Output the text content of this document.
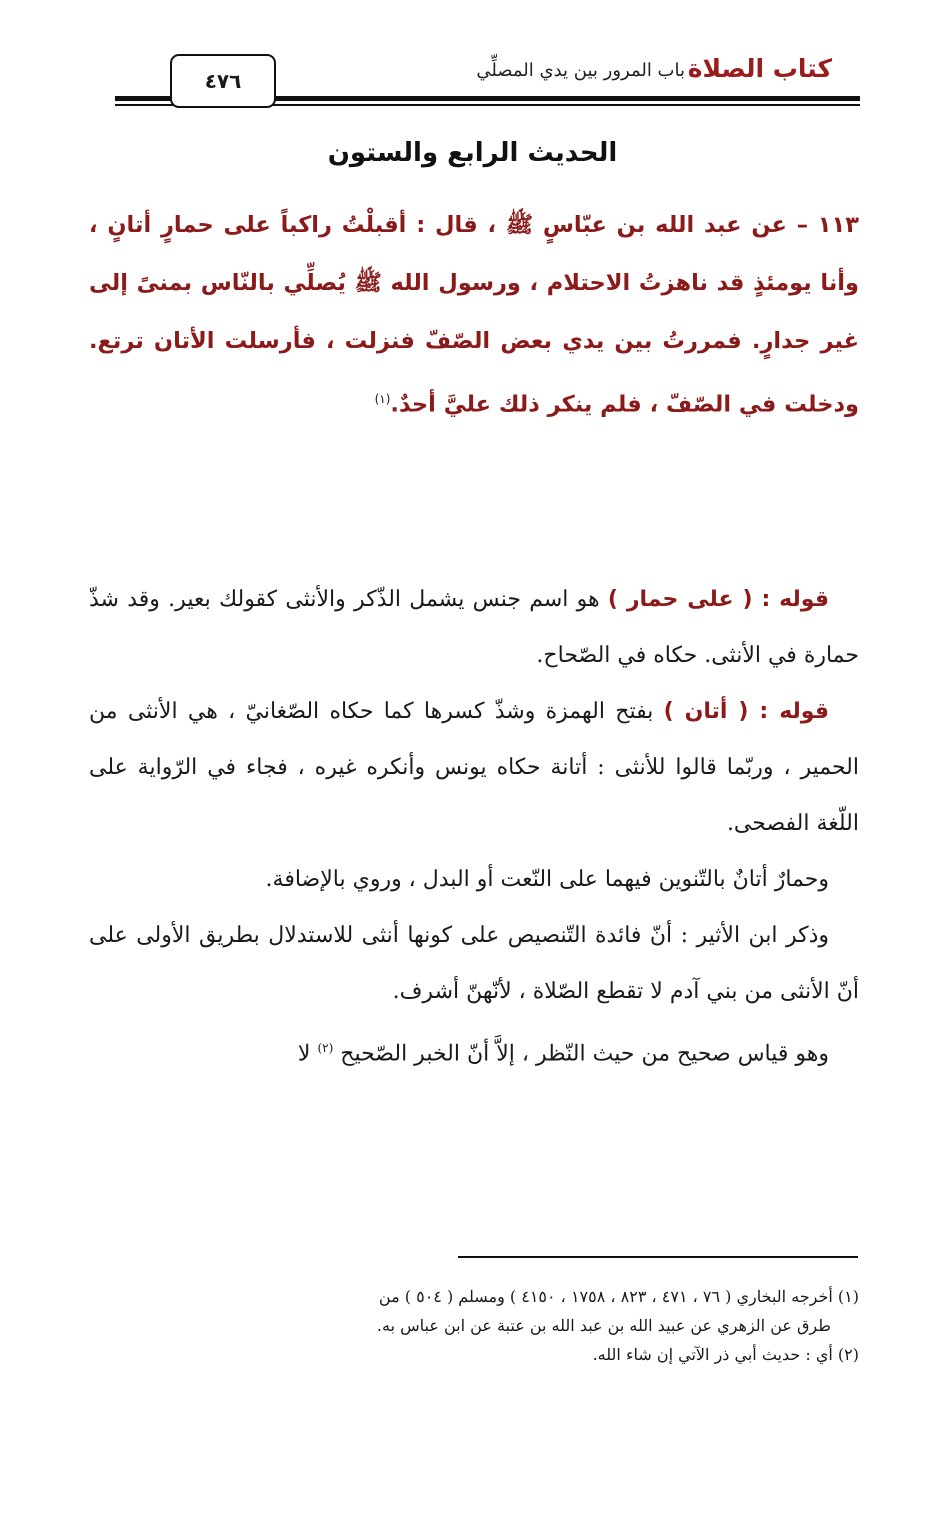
كتاب الصلاة
باب المرور بين يدي المصلِّي
٤٧٦
الحديث الرابع والستون
١١٣ – عن عبد الله بن عبّاسٍ ﷺ ، قال : أقبلْتُ راكباً على حمارٍ أتانٍ ، وأنا يومئذٍ قد ناهزتُ الاحتلام ، ورسول الله ﷺ يُصلِّي بالنّاس بمنىً إلى غير جدارٍ. فمررتُ بين يدي بعض الصّفّ فنزلت ، فأرسلت الأتان ترتع. ودخلت في الصّفّ ، فلم ينكر ذلك عليَّ أحدٌ.$^{(١)}$

قوله : ( على حمار ) هو اسم جنس يشمل الذّكر والأنثى كقولك بعير. وقد شذّ حمارة في الأنثى. حكاه في الصّحاح.

قوله : ( أتان ) بفتح الهمزة وشذّ كسرها كما حكاه الصّغانيّ ، هي الأنثى من الحمير ، وربّما قالوا للأنثى : أتانة حكاه يونس وأنكره غيره ، فجاء في الرّواية على اللّغة الفصحى.

وحمارٌ أتانٌ بالتّنوين فيهما على النّعت أو البدل ، وروي بالإضافة.

وذكر ابن الأثير : أنّ فائدة التّنصيص على كونها أنثى للاستدلال بطريق الأولى على أنّ الأنثى من بني آدم لا تقطع الصّلاة ، لأنّهنّ أشرف.

وهو قياس صحيح من حيث النّظر ، إلاَّ أنّ الخبر الصّحيح $^{(٢)}$ لا

(١) أخرجه البخاري ( ٧٦ ، ٤٧١ ، ٨٢٣ ، ١٧٥٨ ، ٤١٥٠ ) ومسلم ( ٥٠٤ ) من

طرق عن الزهري عن عبيد الله بن عبد الله بن عتبة عن ابن عباس به.

(٢) أي : حديث أبي ذر الآتي إن شاء الله.
